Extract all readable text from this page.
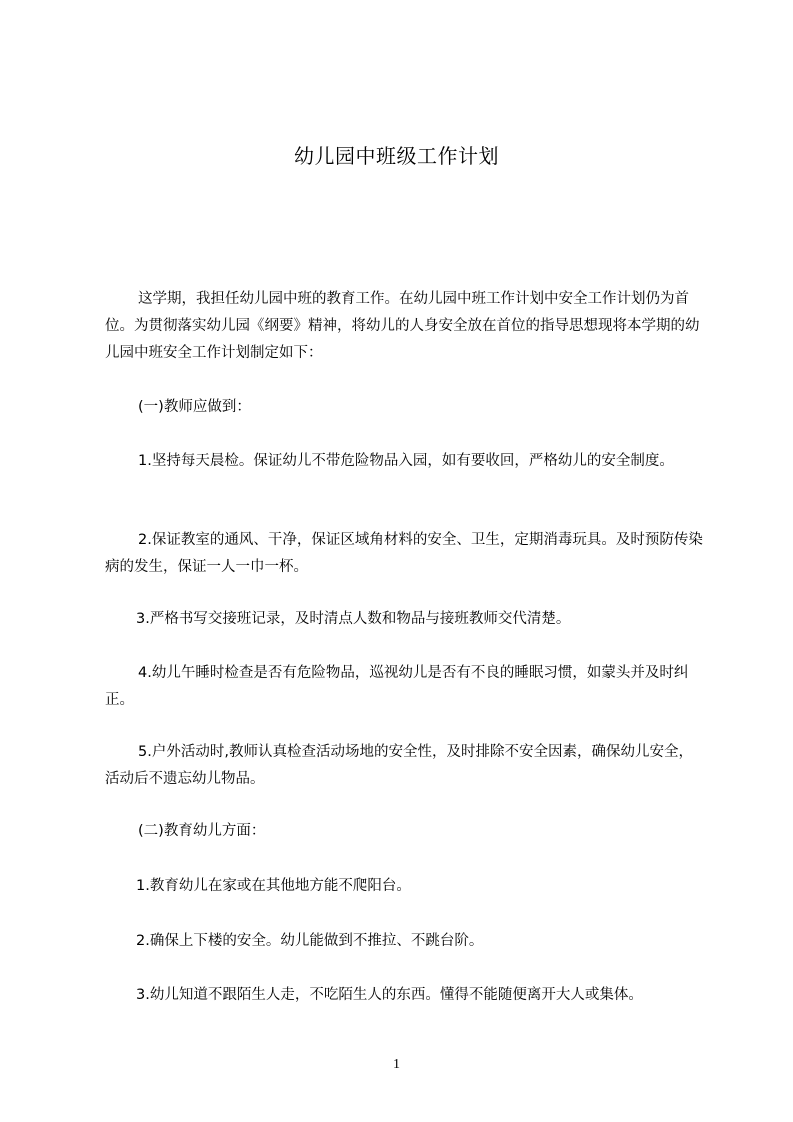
幼儿园中班级工作计划

这学期，我担任幼儿园中班的教育工作。在幼儿园中班工作计划中安全工作计划仍为首位。为贯彻落实幼儿园《纲要》精神，将幼儿的人身安全放在首位的指导思想现将本学期的幼儿园中班安全工作计划制定如下：

(一)教师应做到：

1.坚持每天晨检。保证幼儿不带危险物品入园，如有要收回，严格幼儿的安全制度。

2.保证教室的通风、干净，保证区域角材料的安全、卫生，定期消毒玩具。及时预防传染病的发生，保证一人一巾一杯。

3.严格书写交接班记录，及时清点人数和物品与接班教师交代清楚。

4.幼儿午睡时检查是否有危险物品，巡视幼儿是否有不良的睡眠习惯，如蒙头并及时纠正。

5.户外活动时,教师认真检查活动场地的安全性，及时排除不安全因素，确保幼儿安全，活动后不遗忘幼儿物品。

(二)教育幼儿方面：

1.教育幼儿在家或在其他地方能不爬阳台。

2.确保上下楼的安全。幼儿能做到不推拉、不跳台阶。

3.幼儿知道不跟陌生人走，不吃陌生人的东西。懂得不能随便离开大人或集体。

1
